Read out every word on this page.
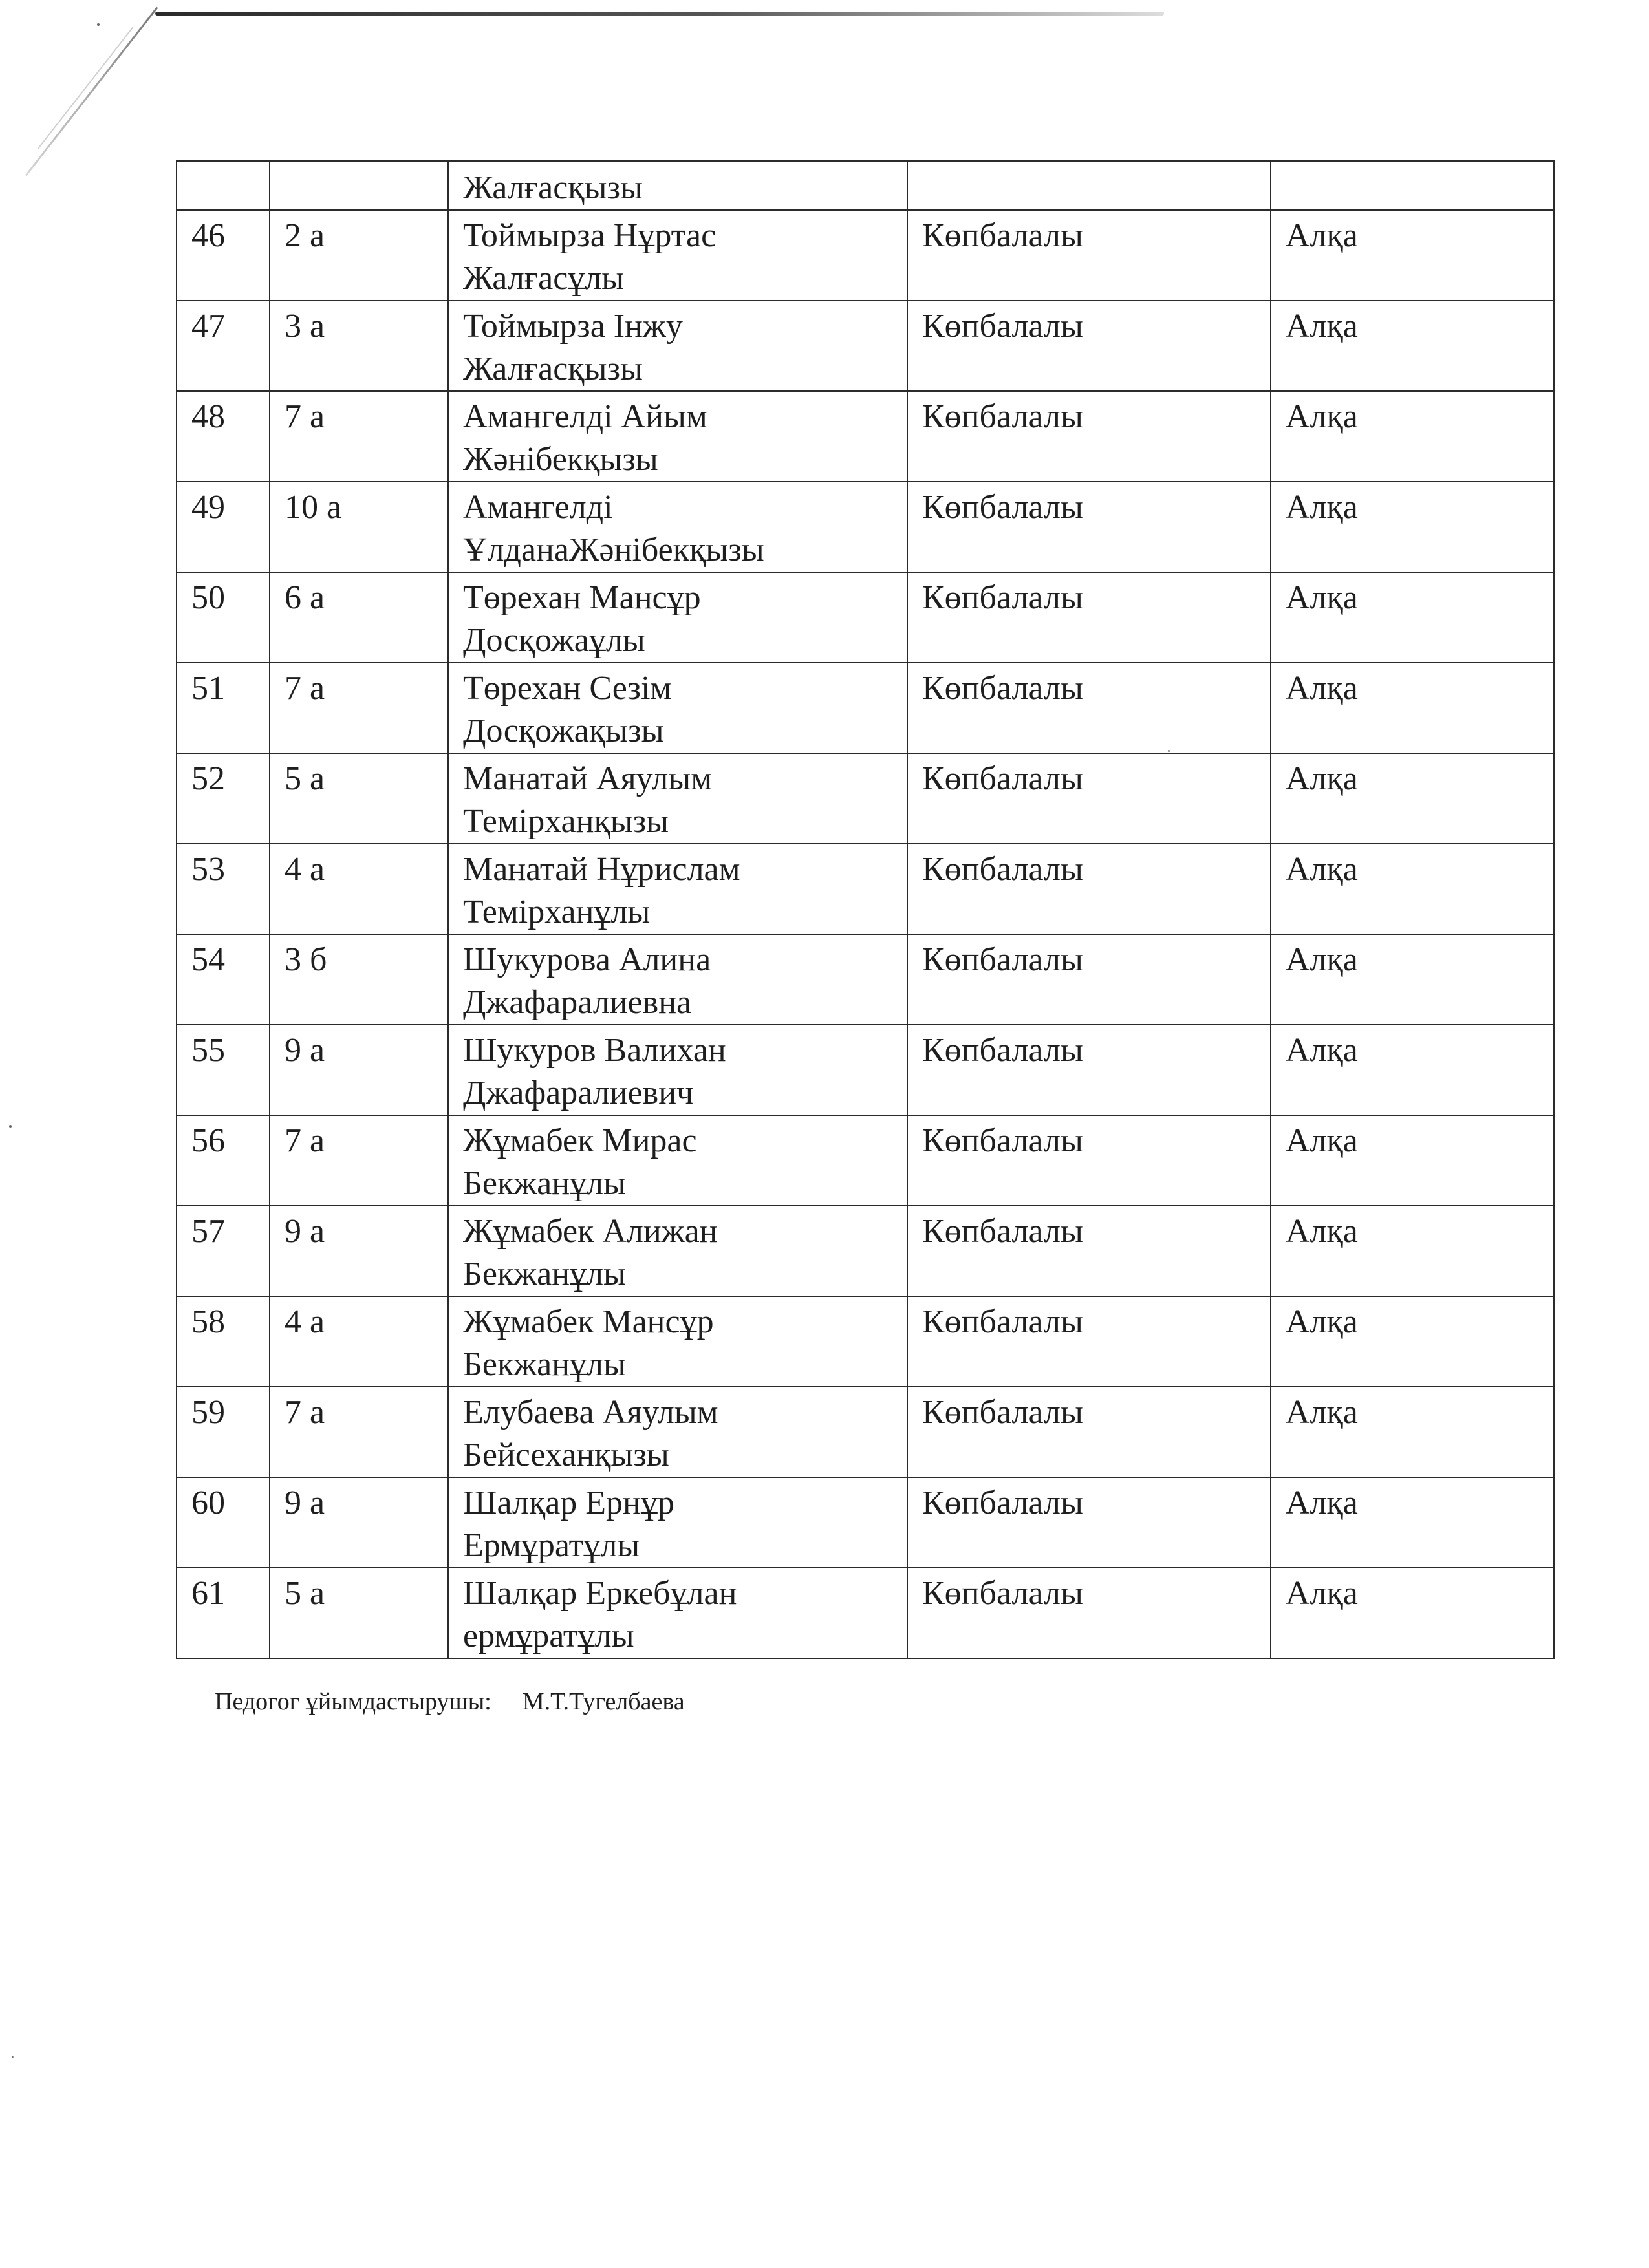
		Жалғасқызы		

46	2 а	Тоймырза Нұртас
Жалғасұлы	Көпбалалы	Алқа
47	3 а	Тоймырза Інжу
Жалғасқызы	Көпбалалы	Алқа
48	7 а	Амангелді Айым
Жәнібекқызы	Көпбалалы	Алқа
49	10 а	Амангелді
ҰлданаЖәнібекқызы	Көпбалалы	Алқа
50	6 а	Төрехан Мансұр
Досқожаұлы	Көпбалалы	Алқа
51	7 а	Төрехан Сезім
Досқожақызы	Көпбалалы	Алқа
52	5 а	Манатай Аяулым
Темірханқызы	Көпбалалы	Алқа
53	4 а	Манатай Нұрислам
Темірханұлы	Көпбалалы	Алқа
54	3 б	Шукурова Алина
Джафаралиевна	Көпбалалы	Алқа
55	9 а	Шукуров Валихан
Джафаралиевич	Көпбалалы	Алқа
56	7 а	Жұмабек Мирас
Бекжанұлы	Көпбалалы	Алқа
57	9 а	Жұмабек Алижан
Бекжанұлы	Көпбалалы	Алқа
58	4 а	Жұмабек Мансұр
Бекжанұлы	Көпбалалы	Алқа
59	7 а	Елубаева Аяулым
Бейсеханқызы	Көпбалалы	Алқа
60	9 а	Шалқар Ернұр
Ермұратұлы	Көпбалалы	Алқа
61	5 а	Шалқар Еркебұлан
ермұратұлы	Көпбалалы	Алқа
Педогог ұйымдастырушы: М.Т.Тугелбаева
